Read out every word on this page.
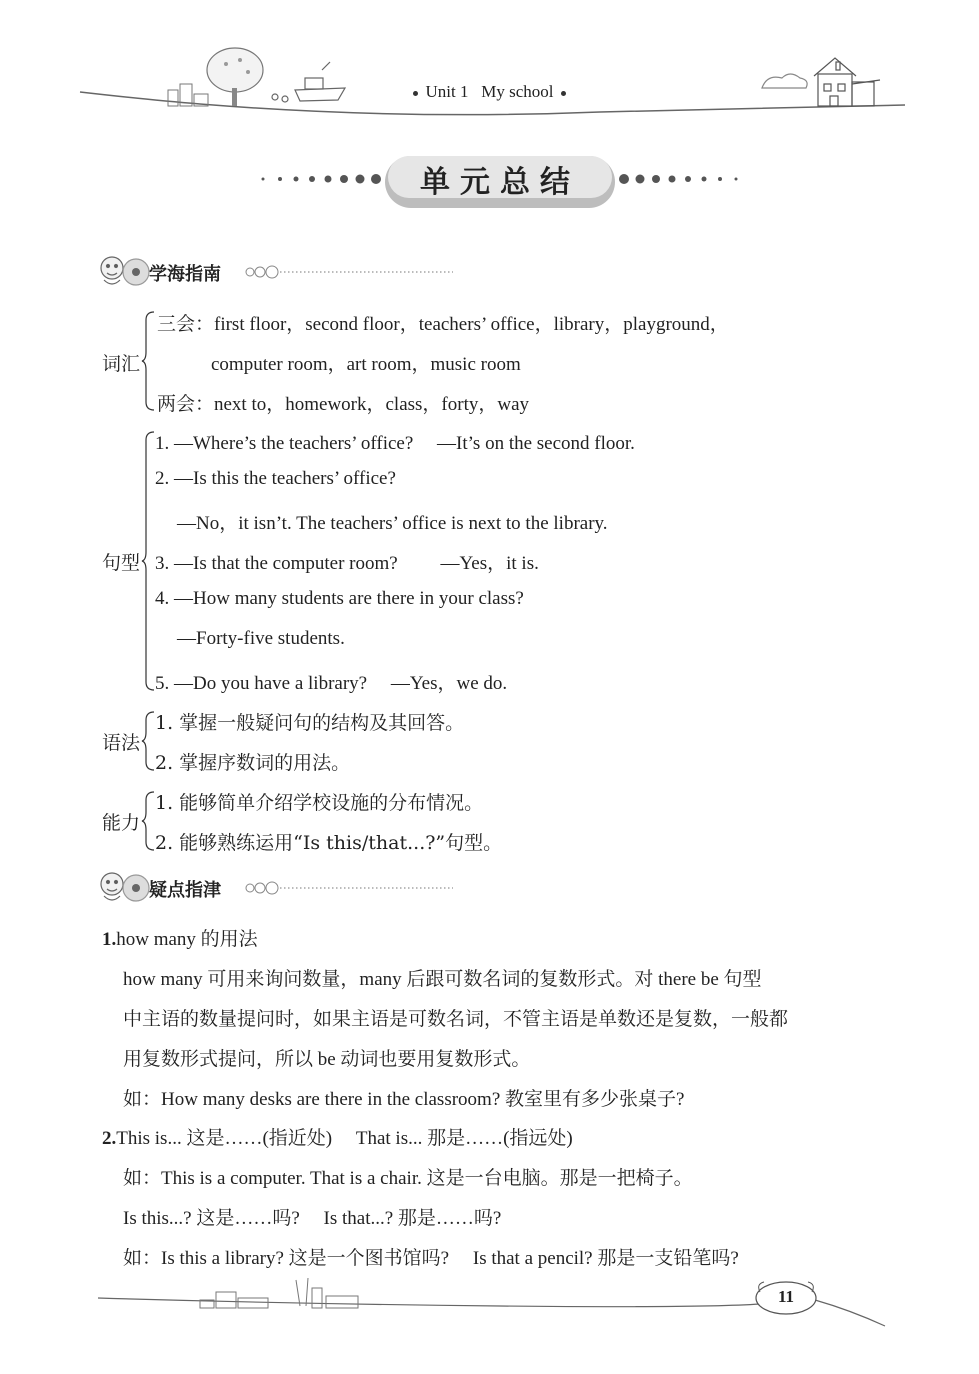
Unit 1 My school
单元总结
学海指南
词汇
三会：first floor，second floor，teachers’ office，library，playground，
computer room，art room，music room
两会：next to，homework，class，forty，way
句型
1. —Where’s the teachers’ office?　 —It’s on the second floor.
2. —Is this the teachers’ office?
—No，it isn’t. The teachers’ office is next to the library.
3. —Is that the computer room?　　 —Yes，it is.
4. —How many students are there in your class?
—Forty-five students.
5. —Do you have a library?　 —Yes，we do.
语法
1. 掌握一般疑问句的结构及其回答。
2. 掌握序数词的用法。
能力
1. 能够简单介绍学校设施的分布情况。
2. 能够熟练运用“Is this/that...?”句型。
疑点指津
1.how many 的用法
how many 可用来询问数量，many 后跟可数名词的复数形式。对 there be 句型
中主语的数量提问时，如果主语是可数名词，不管主语是单数还是复数，一般都
用复数形式提问，所以 be 动词也要用复数形式。
如：How many desks are there in the classroom? 教室里有多少张桌子?
2.This is... 这是……(指近处)　 That is... 那是……(指远处)
如：This is a computer. That is a chair. 这是一台电脑。那是一把椅子。
Is this...? 这是……吗?　 Is that...? 那是……吗?
如：Is this a library? 这是一个图书馆吗?　 Is that a pencil? 那是一支铅笔吗?
11
